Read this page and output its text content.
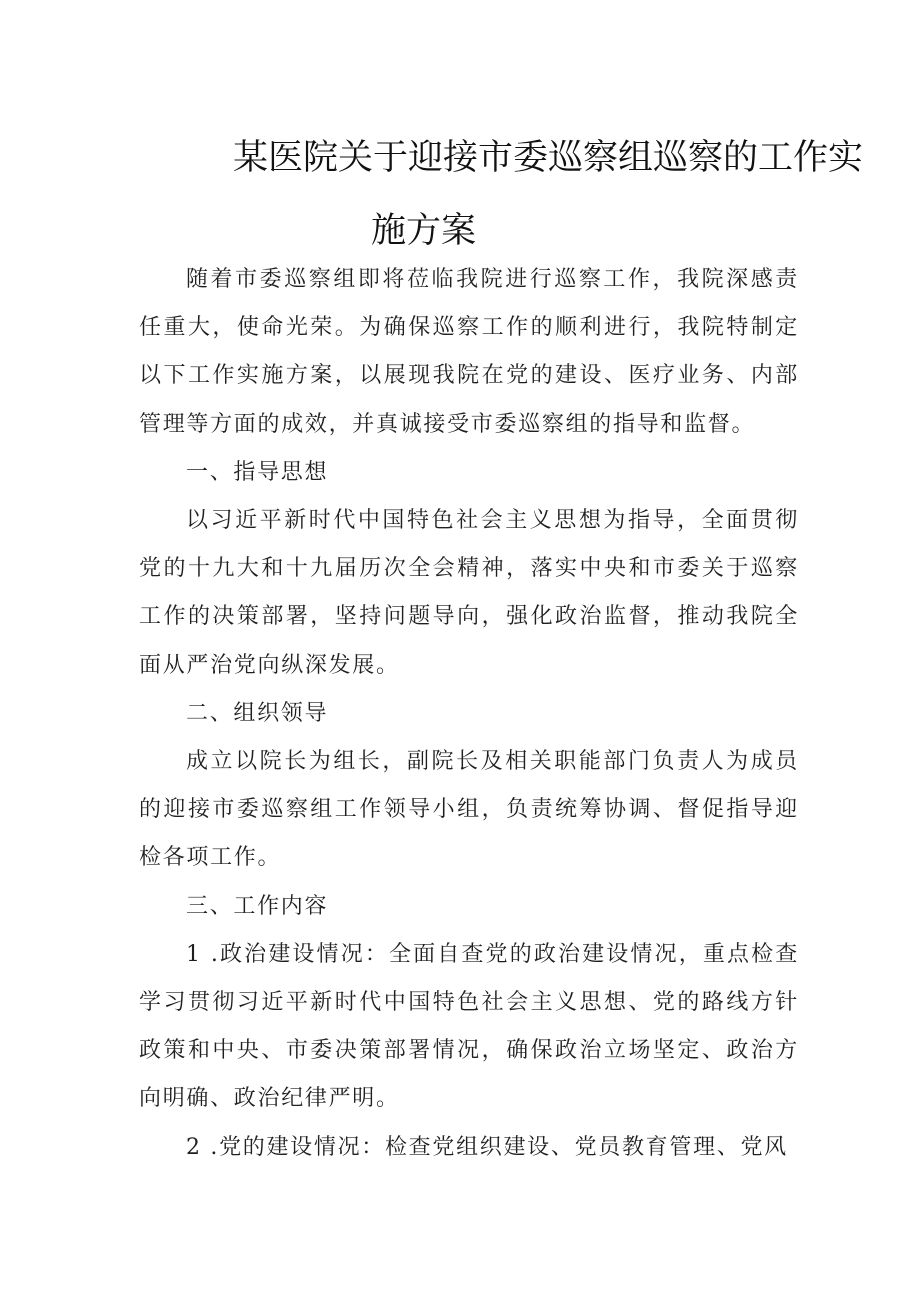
某医院关于迎接市委巡察组巡察的工作实
施方案

随着市委巡察组即将莅临我院进行巡察工作，我院深感责任重大，使命光荣。为确保巡察工作的顺利进行，我院特制定以下工作实施方案，以展现我院在党的建设、医疗业务、内部管理等方面的成效，并真诚接受市委巡察组的指导和监督。

一、指导思想

以习近平新时代中国特色社会主义思想为指导，全面贯彻党的十九大和十九届历次全会精神，落实中央和市委关于巡察工作的决策部署，坚持问题导向，强化政治监督，推动我院全面从严治党向纵深发展。

二、组织领导

成立以院长为组长，副院长及相关职能部门负责人为成员的迎接市委巡察组工作领导小组，负责统筹协调、督促指导迎检各项工作。

三、工作内容

1 .政治建设情况：全面自查党的政治建设情况，重点检查学习贯彻习近平新时代中国特色社会主义思想、党的路线方针政策和中央、市委决策部署情况，确保政治立场坚定、政治方向明确、政治纪律严明。

2 .党的建设情况：检查党组织建设、党员教育管理、党风
